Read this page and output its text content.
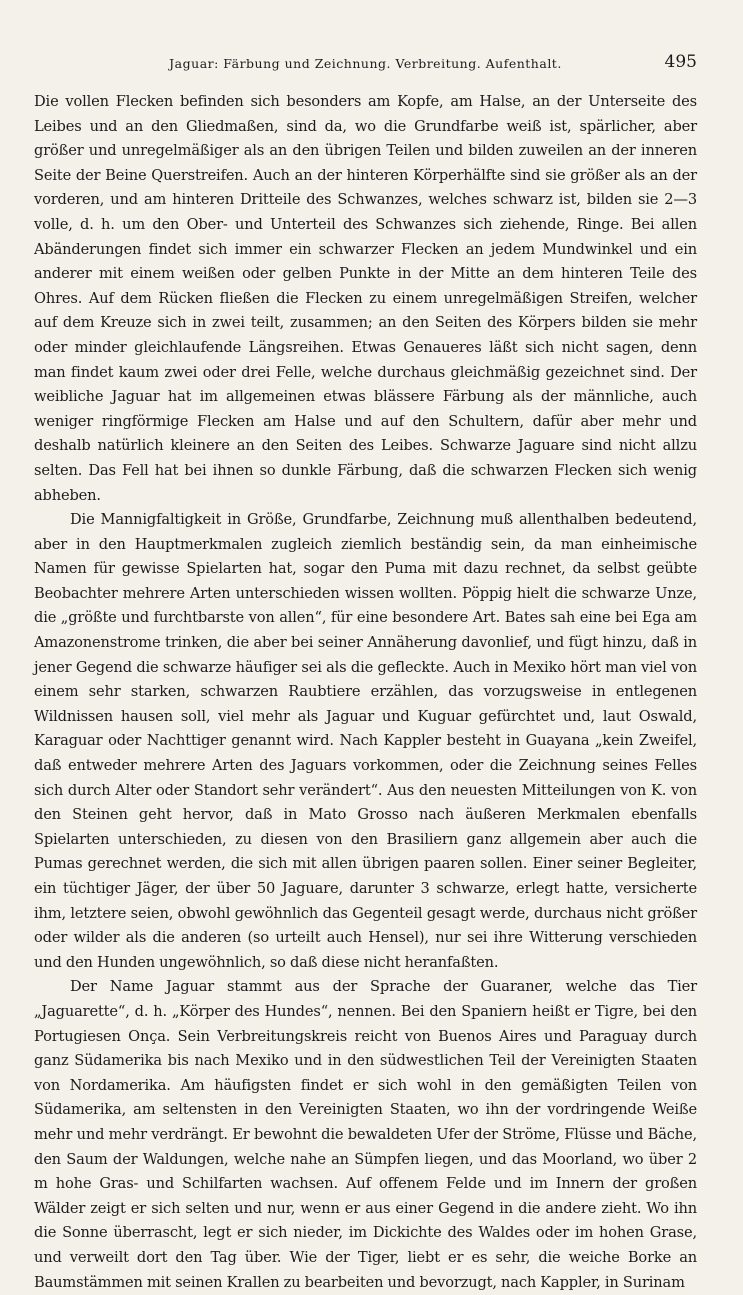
Jaguar: Färbung und Zeichnung. Verbreitung. Aufenthalt.	495

Die vollen Flecken befinden sich besonders am Kopfe, am Halse, an der Unterseite des Leibes und an den Gliedmaßen, sind da, wo die Grundfarbe weiß ist, spärlicher, aber größer und unregelmäßiger als an den übrigen Teilen und bilden zuweilen an der inneren Seite der Beine Querstreifen. Auch an der hinteren Körperhälfte sind sie größer als an der vorderen, und am hinteren Dritteile des Schwanzes, welches schwarz ist, bilden sie 2—3 volle, d. h. um den Ober- und Unterteil des Schwanzes sich ziehende, Ringe. Bei allen Abänderungen findet sich immer ein schwarzer Flecken an jedem Mundwinkel und ein anderer mit einem weißen oder gelben Punkte in der Mitte an dem hinteren Teile des Ohres. Auf dem Rücken fließen die Flecken zu einem unregelmäßigen Streifen, welcher auf dem Kreuze sich in zwei teilt, zusammen; an den Seiten des Körpers bilden sie mehr oder minder gleichlaufende Längsreihen. Etwas Genaueres läßt sich nicht sagen, denn man findet kaum zwei oder drei Felle, welche durchaus gleichmäßig gezeichnet sind. Der weibliche Jaguar hat im allgemeinen etwas blässere Färbung als der männliche, auch weniger ringförmige Flecken am Halse und auf den Schultern, dafür aber mehr und deshalb natürlich kleinere an den Seiten des Leibes. Schwarze Jaguare sind nicht allzu selten. Das Fell hat bei ihnen so dunkle Färbung, daß die schwarzen Flecken sich wenig abheben.

Die Mannigfaltigkeit in Größe, Grundfarbe, Zeichnung muß allenthalben bedeutend, aber in den Hauptmerkmalen zugleich ziemlich beständig sein, da man einheimische Namen für gewisse Spielarten hat, sogar den Puma mit dazu rechnet, da selbst geübte Beobachter mehrere Arten unterschieden wissen wollten. Pöppig hielt die schwarze Unze, die „größte und furchtbarste von allen“, für eine besondere Art. Bates sah eine bei Ega am Amazonenstrome trinken, die aber bei seiner Annäherung davonlief, und fügt hinzu, daß in jener Gegend die schwarze häufiger sei als die gefleckte. Auch in Mexiko hört man viel von einem sehr starken, schwarzen Raubtiere erzählen, das vorzugsweise in entlegenen Wildnissen hausen soll, viel mehr als Jaguar und Kuguar gefürchtet und, laut Oswald, Karaguar oder Nachttiger genannt wird. Nach Kappler besteht in Guayana „kein Zweifel, daß entweder mehrere Arten des Jaguars vorkommen, oder die Zeichnung seines Felles sich durch Alter oder Standort sehr verändert“. Aus den neuesten Mitteilungen von K. von den Steinen geht hervor, daß in Mato Grosso nach äußeren Merkmalen ebenfalls Spielarten unterschieden, zu diesen von den Brasiliern ganz allgemein aber auch die Pumas gerechnet werden, die sich mit allen übrigen paaren sollen. Einer seiner Begleiter, ein tüchtiger Jäger, der über 50 Jaguare, darunter 3 schwarze, erlegt hatte, versicherte ihm, letztere seien, obwohl gewöhnlich das Gegenteil gesagt werde, durchaus nicht größer oder wilder als die anderen (so urteilt auch Hensel), nur sei ihre Witterung verschieden und den Hunden ungewöhnlich, so daß diese nicht heranfaßten.

Der Name Jaguar stammt aus der Sprache der Guaraner, welche das Tier „Jaguarette“, d. h. „Körper des Hundes“, nennen. Bei den Spaniern heißt er Tigre, bei den Portugiesen Onça. Sein Verbreitungskreis reicht von Buenos Aires und Paraguay durch ganz Südamerika bis nach Mexiko und in den südwestlichen Teil der Vereinigten Staaten von Nordamerika. Am häufigsten findet er sich wohl in den gemäßigten Teilen von Südamerika, am seltensten in den Vereinigten Staaten, wo ihn der vordringende Weiße mehr und mehr verdrängt. Er bewohnt die bewaldeten Ufer der Ströme, Flüsse und Bäche, den Saum der Waldungen, welche nahe an Sümpfen liegen, und das Moorland, wo über 2 m hohe Gras- und Schilfarten wachsen. Auf offenem Felde und im Innern der großen Wälder zeigt er sich selten und nur, wenn er aus einer Gegend in die andere zieht. Wo ihn die Sonne überrascht, legt er sich nieder, im Dickichte des Waldes oder im hohen Grase, und verweilt dort den Tag über. Wie der Tiger, liebt er es sehr, die weiche Borke an Baumstämmen mit seinen Krallen zu bearbeiten und bevorzugt, nach Kappler, in Surinam
